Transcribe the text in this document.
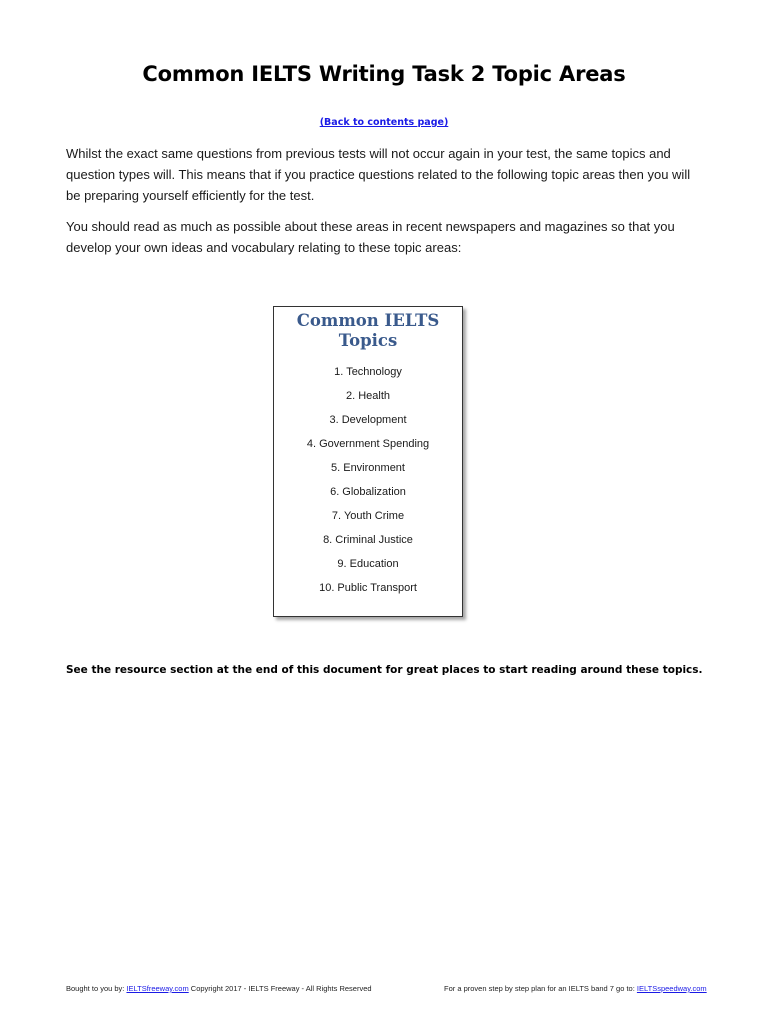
Common IELTS Writing Task 2 Topic Areas
(Back to contents page)

Whilst the exact same questions from previous tests will not occur again in your test, the same topics and question types will. This means that if you practice questions related to the following topic areas then you will be preparing yourself efficiently for the test.

You should read as much as possible about these areas in recent newspapers and magazines so that you develop your own ideas and vocabulary relating to these topic areas:

Common IELTS Topics
1. Technology
2. Health
3. Development
4. Government Spending
5. Environment
6. Globalization
7. Youth Crime
8. Criminal Justice
9. Education
10. Public Transport
See the resource section at the end of this document for great places to start reading around these topics.
Bought to you by: IELTSfreeway.com Copyright 2017 - IELTS Freeway - All Rights Reserved	For a proven step by step plan for an IELTS band 7 go to: IELTSspeedway.com
